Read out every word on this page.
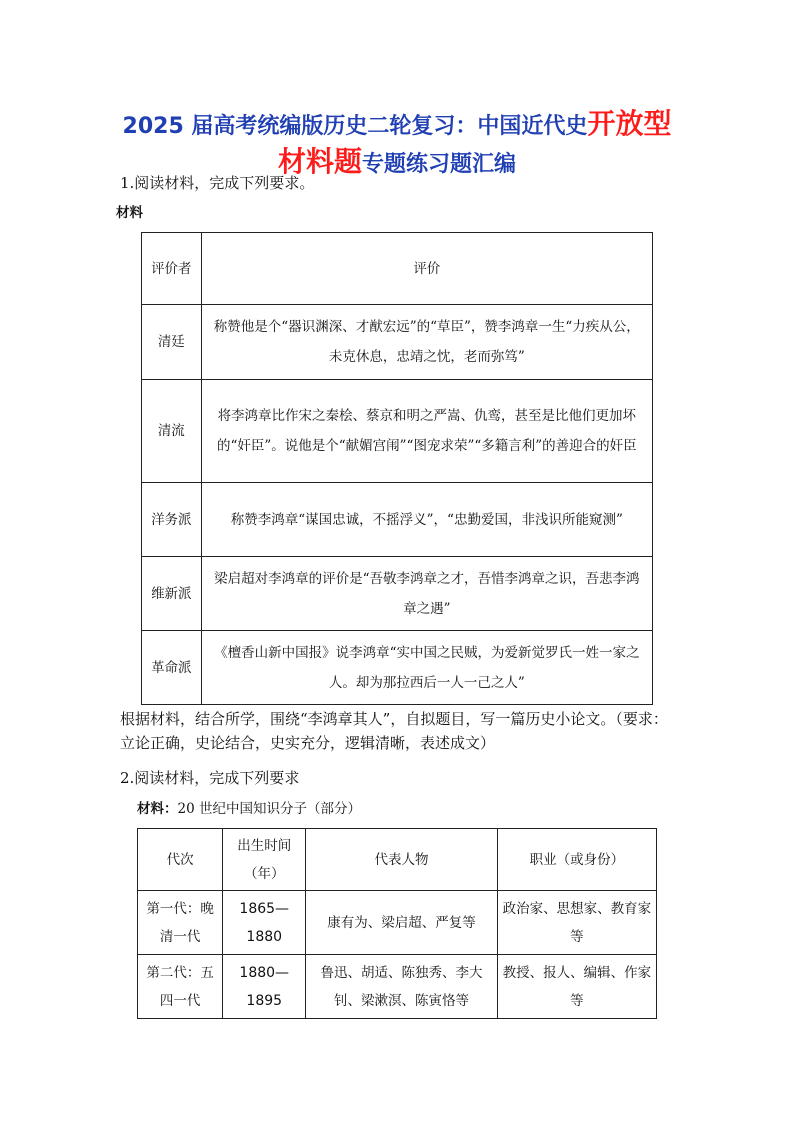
2025 届高考统编版历史二轮复习：中国近代史开放型
材料题专题练习题汇编
1.阅读材料，完成下列要求。
材料
评价者	评价
清廷	称赞他是个“器识渊深、才猷宏远”的“草臣”，赞李鸿章一生“力疾从公，未克休息，忠靖之忱，老而弥笃”
清流	将李鸿章比作宋之秦桧、蔡京和明之严嵩、仇鸾，甚至是比他们更加坏的“奸臣”。说他是个“献媚宫闱”“图宠求荣”“多籍言利”的善迎合的奸臣
洋务派	称赞李鸿章“谋国忠诚，不摇浮义”，“忠勤爱国，非浅识所能窥测”
维新派	梁启超对李鸿章的评价是“吾敬李鸿章之才，吾惜李鸿章之识，吾悲李鸿章之遇”
革命派	《檀香山新中国报》说李鸿章“实中国之民贼，为爱新觉罗氏一姓一家之人。却为那拉西后一人一己之人”
根据材料，结合所学，围绕“李鸿章其人”，自拟题目，写一篇历史小论文。（要求：立论正确，史论结合，史实充分，逻辑清晰，表述成文）
2.阅读材料，完成下列要求
材料：20 世纪中国知识分子（部分）
代次	出生时间（年）	代表人物	职业（或身份）
第一代：晚清一代	1865—1880	康有为、梁启超、严复等	政治家、思想家、教育家等
第二代：五四一代	1880—1895	鲁迅、胡适、陈独秀、李大钊、梁漱溟、陈寅恪等	教授、报人、编辑、作家等
